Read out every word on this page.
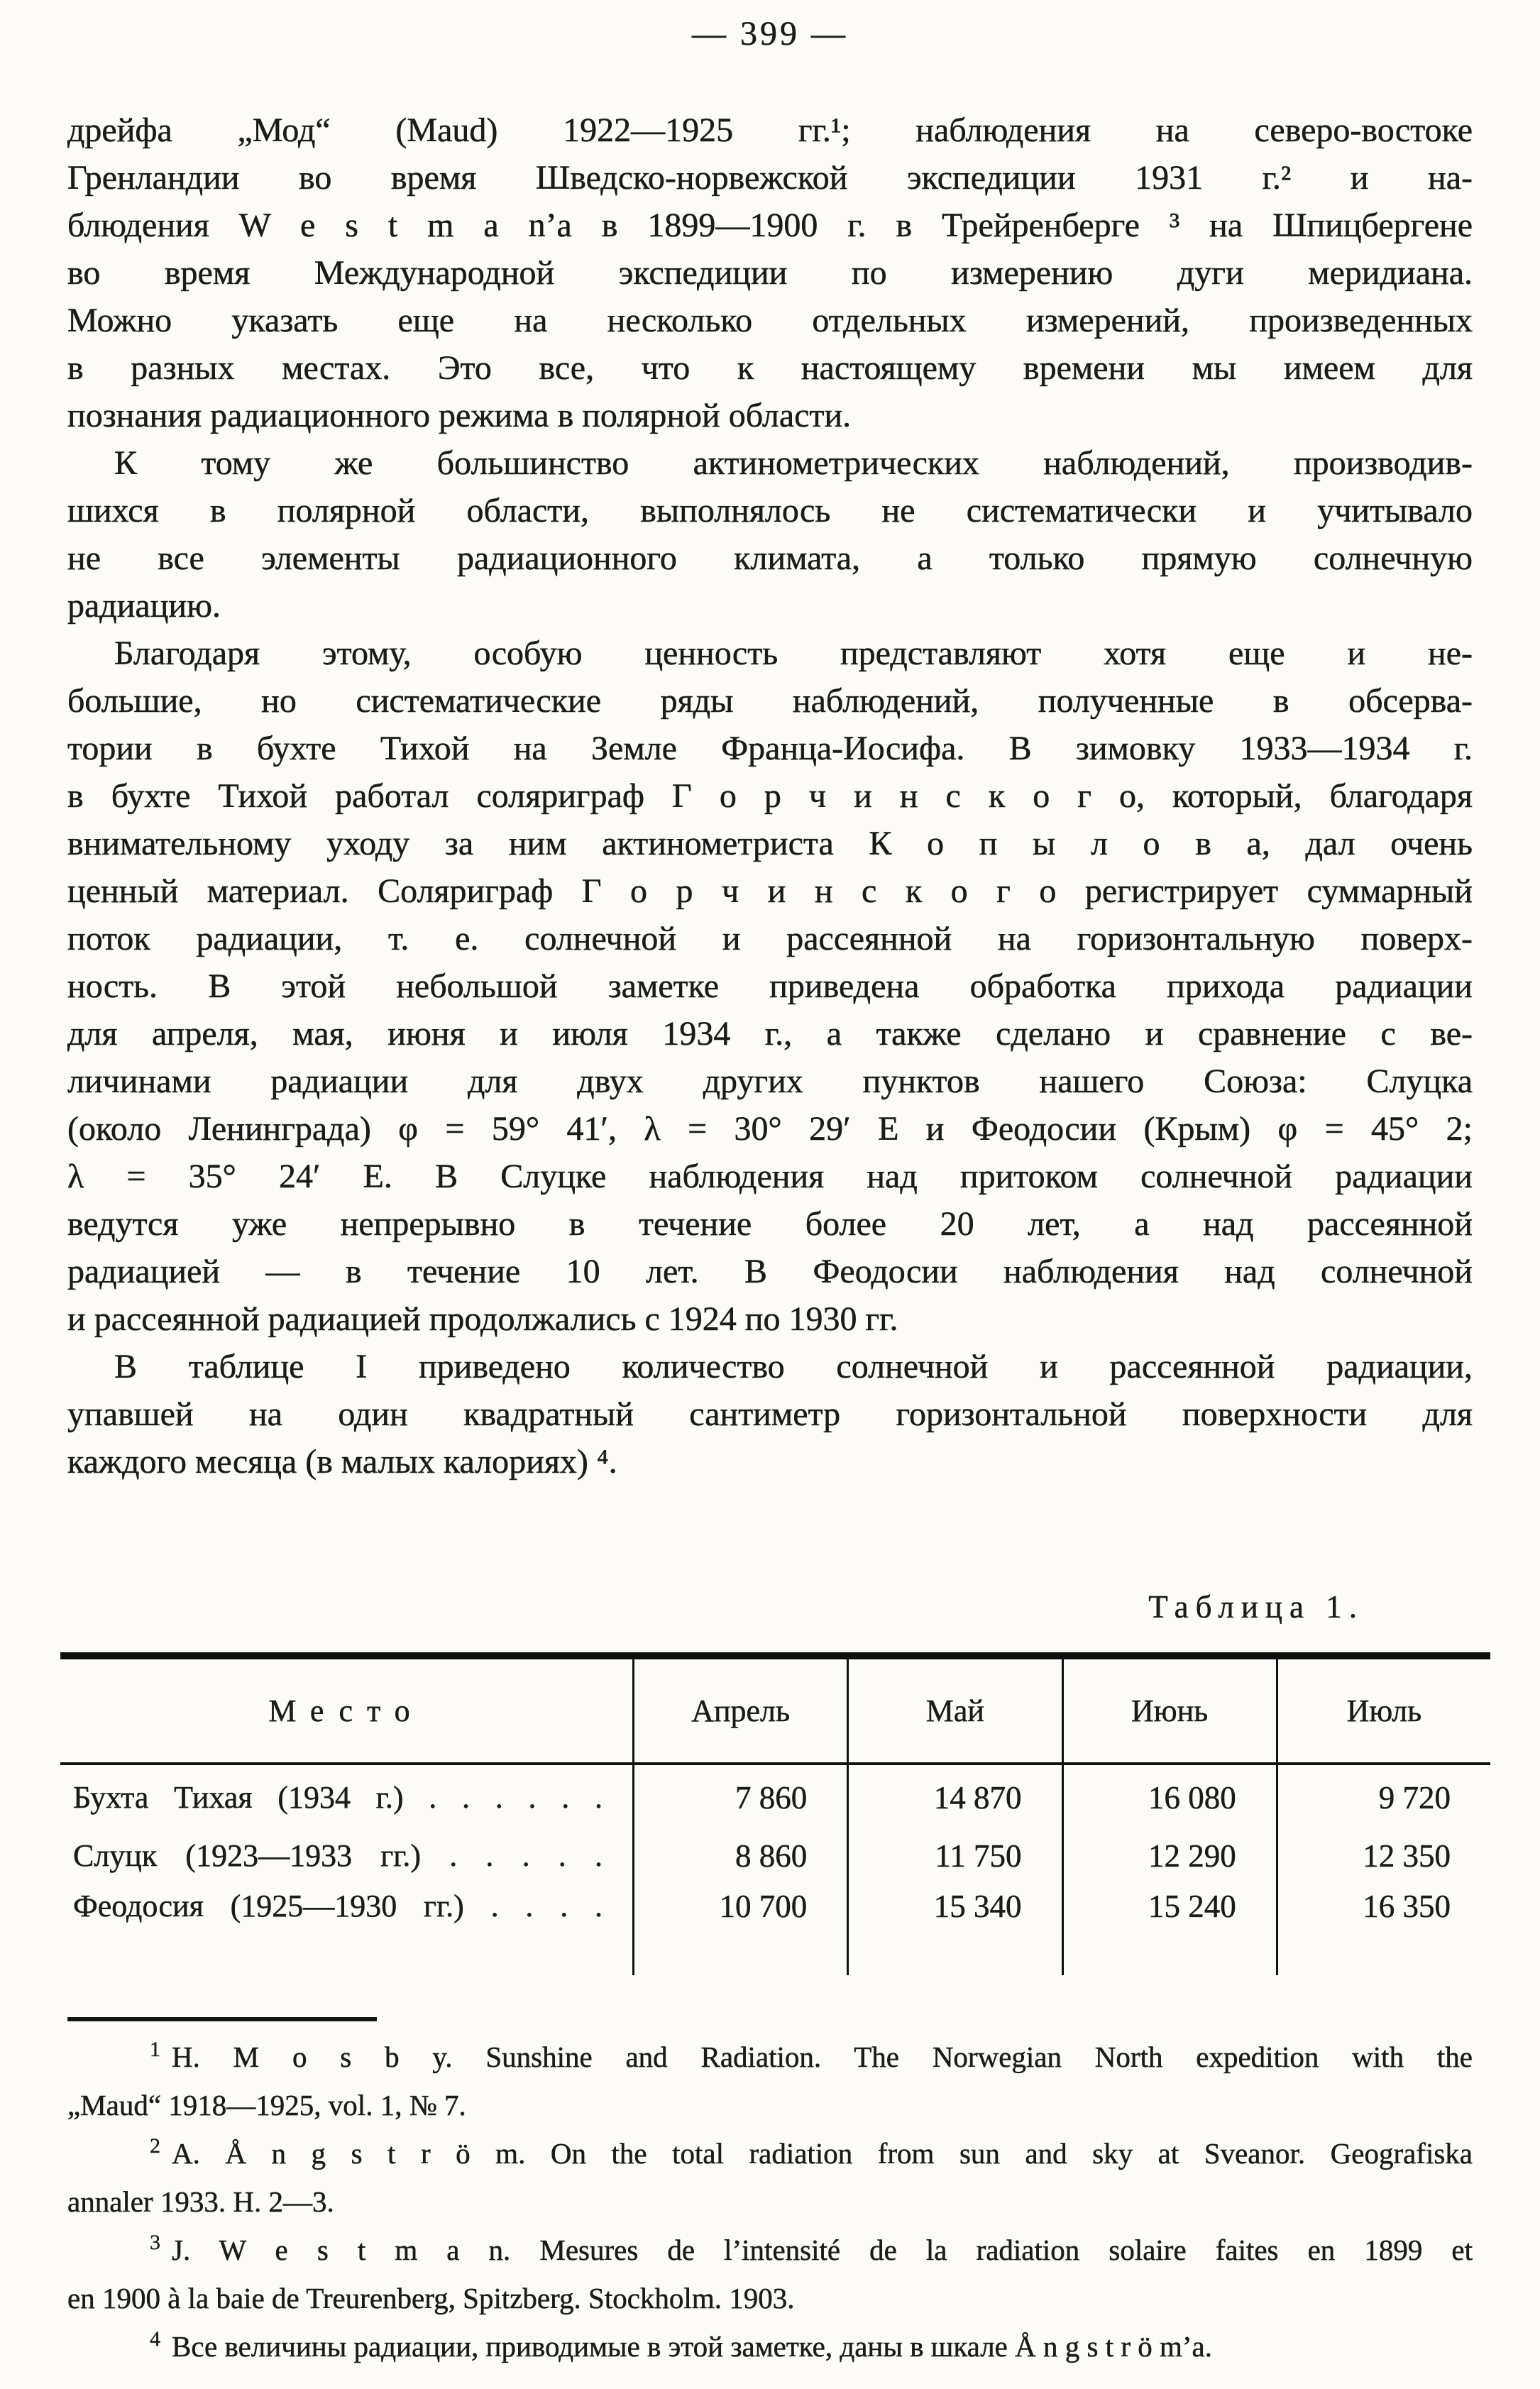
— 399 —
дрейфа „Мод“ (Maud) 1922—1925 гг.¹; наблюдения на северо-востоке
Гренландии во время Шведско-норвежской экспедиции 1931 г.² и на-
блюдения W e s t m a n’а в 1899—1900 г. в Трейренберге ³ на Шпицбергене
во время Международной экспедиции по измерению дуги меридиана.
Можно указать еще на несколько отдельных измерений, произведенных
в разных местах. Это все, что к настоящему времени мы имеем для
познания радиационного режима в полярной области.
К тому же большинство актинометрических наблюдений, производив-
шихся в полярной области, выполнялось не систематически и учитывало
не все элементы радиационного климата, а только прямую солнечную
радиацию.
Благодаря этому, особую ценность представляют хотя еще и не-
большие, но систематические ряды наблюдений, полученные в обсерва-
тории в бухте Тихой на Земле Франца-Иосифа. В зимовку 1933—1934 г.
в бухте Тихой работал соляриграф Г о р ч и н с к о г о, который, благодаря
внимательному уходу за ним актинометриста К о п ы л о в а, дал очень
ценный материал. Соляриграф Г о р ч и н с к о г о регистрирует суммарный
поток радиации, т. е. солнечной и рассеянной на горизонтальную поверх-
ность. В этой небольшой заметке приведена обработка прихода радиации
для апреля, мая, июня и июля 1934 г., а также сделано и сравнение с ве-
личинами радиации для двух других пунктов нашего Союза: Слуцка
(около Ленинграда) φ = 59° 41′, λ = 30° 29′ E и Феодосии (Крым) φ = 45° 2;
λ = 35° 24′ E. В Слуцке наблюдения над притоком солнечной радиации
ведутся уже непрерывно в течение более 20 лет, а над рассеянной
радиацией — в течение 10 лет. В Феодосии наблюдения над солнечной
и рассеянной радиацией продолжались с 1924 по 1930 гг.
В таблице I приведено количество солнечной и рассеянной радиации,
упавшей на один квадратный сантиметр горизонтальной поверхности для
каждого месяца (в малых калориях) ⁴.
Таблица 1.
Место	Апрель	Май	Июнь	Июль
Бухта Тихая (1934 г.) . . . . . .	7 860	14 870	16 080	9 720
Слуцк (1923—1933 гг.) . . . . .	8 860	11 750	12 290	12 350
Феодосия (1925—1930 гг.) . . . .	10 700	15 340	15 240	16 350
$^1$ H. M o s b y. Sunshine and Radiation. The Norwegian North expedition with the
„Maud“ 1918—1925, vol. 1, № 7.
$^2$ A. Å n g s t r ö m. On the total radiation from sun and sky at Sveanor. Geografiska
annaler 1933. H. 2—3.
$^3$ J. W e s t m a n. Mesures de l’intensité de la radiation solaire faites en 1899 et
en 1900 à la baie de Treurenberg, Spitzberg. Stockholm. 1903.
$^4$ Все величины радиации, приводимые в этой заметке, даны в шкале Å n g s t r ö m’а.
